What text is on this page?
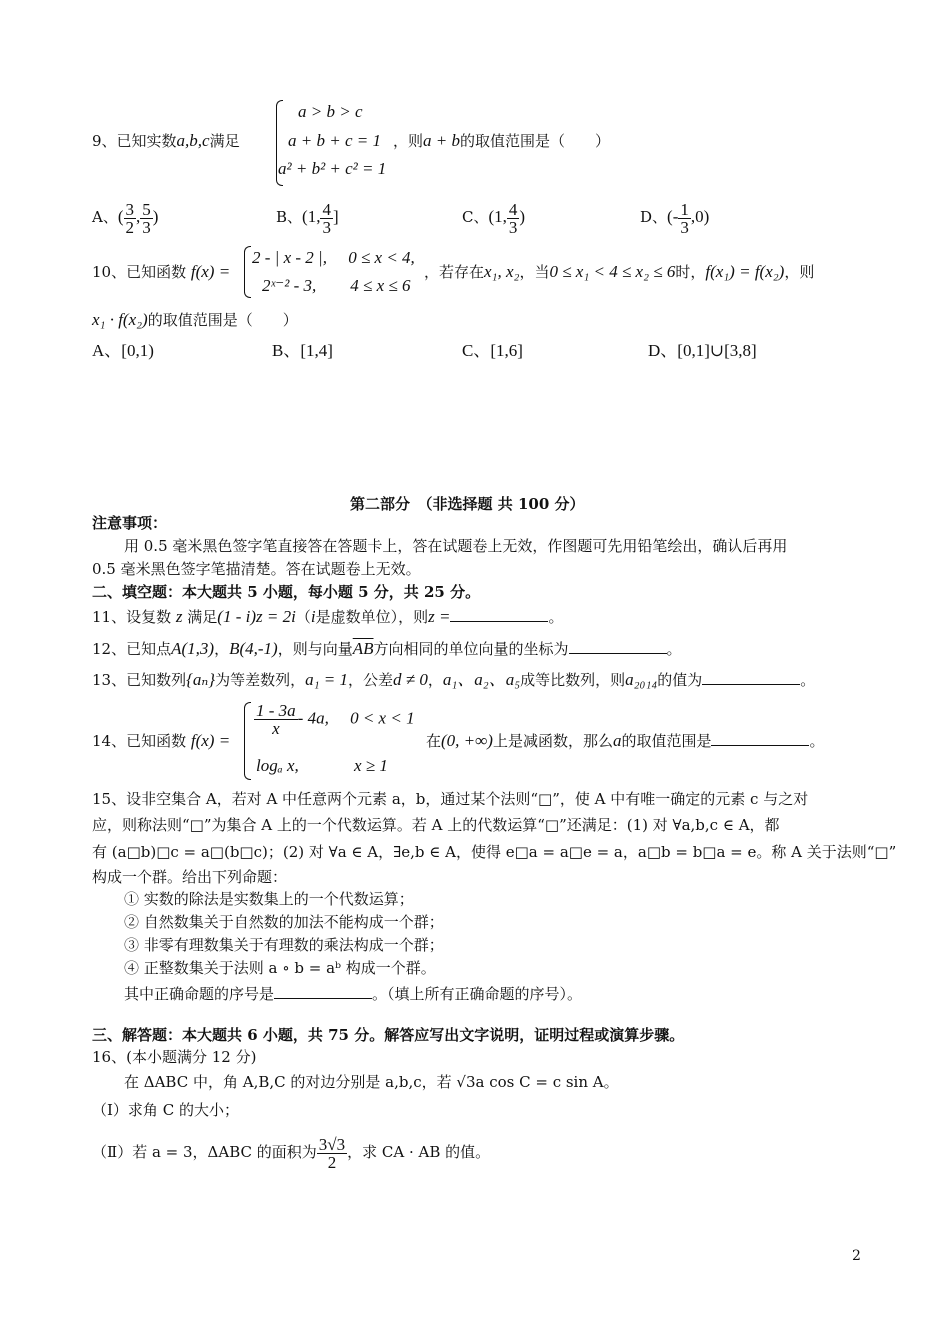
a > b > c
9、已知实数a,b,c满足	a + b + c = 1 ，则a + b的取值范围是（　　）
a² + b² + c² = 1
A、( $\frac{3}{2}$ , $\frac{5}{3}$ )	B、(1, $\frac{4}{3}$ ]	C、(1, $\frac{4}{3}$ )	D、(- $\frac{1}{3} ,0$)
10、已知函数 f(x) =
2 - | x - 2 |,　 0 ≤ x < 4,
2ˣ⁻² - 3,　　4 ≤ x ≤ 6
，若存在x₁, x₂，当0 ≤ x₁ < 4 ≤ x₂ ≤ 6时，f(x₁) = f(x₂)，则
x₁ · f(x₂)的取值范围是（　　）
A、[0,1)	B、[1,4]	C、[1,6]	D、[0,1]∪[3,8]
第二部分　（非选择题 共 100 分）
注意事项：
用 0.5 毫米黑色签字笔直接答在答题卡上，答在试题卷上无效，作图题可先用铅笔绘出，确认后再用
0.5 毫米黑色签字笔描清楚。答在试题卷上无效。
二、填空题：本大题共 5 小题，每小题 5 分，共 25 分。
11、设复数 z 满足(1 - i)z = 2i（i是虚数单位），则z =	。
12、已知点A(1,3)，B(4,-1)，则与向量$\overline{AB}$方向相同的单位向量的坐标为	。
13、已知数列{aₙ}为等差数列，a₁ = 1，公差d ≠ 0，a₁、a₂、a₅成等比数列，则a₂₀₁₄的值为	。
14、已知函数 f(x) =
$\frac{1 - 3a}{x} - 4a$,　 0 < x < 1
logₐ x,　　　 x ≥ 1
在(0, +∞)上是减函数，那么a的取值范围是	。
15、设非空集合 A，若对 A 中任意两个元素 a，b，通过某个法则“□”，使 A 中有唯一确定的元素 c 与之对
应，则称法则“□”为集合 A 上的一个代数运算。若 A 上的代数运算“□”还满足：(1) 对 ∀a,b,c ∈ A，都
有 (a□b)□c = a□(b□c)；(2) 对 ∀a ∈ A，∃e,b ∈ A，使得 e□a = a□e = a，a□b = b□a = e。称 A 关于法则“□”
构成一个群。给出下列命题：
① 实数的除法是实数集上的一个代数运算；
② 自然数集关于自然数的加法不能构成一个群；
③ 非零有理数集关于有理数的乘法构成一个群；
④ 正整数集关于法则 a ∘ b = aᵇ 构成一个群。
其中正确命题的序号是	。（填上所有正确命题的序号）。
三、解答题：本大题共 6 小题，共 75 分。解答应写出文字说明，证明过程或演算步骤。
16、(本小题满分 12 分)
在 ΔABC 中，角 A,B,C 的对边分别是 a,b,c，若 √3a cos C = c sin A。
（Ⅰ）求角 C 的大小；
（Ⅱ）若 a = 3，ΔABC 的面积为 $\frac{3√3}{2}$ ，求 CA · AB 的值。
2
